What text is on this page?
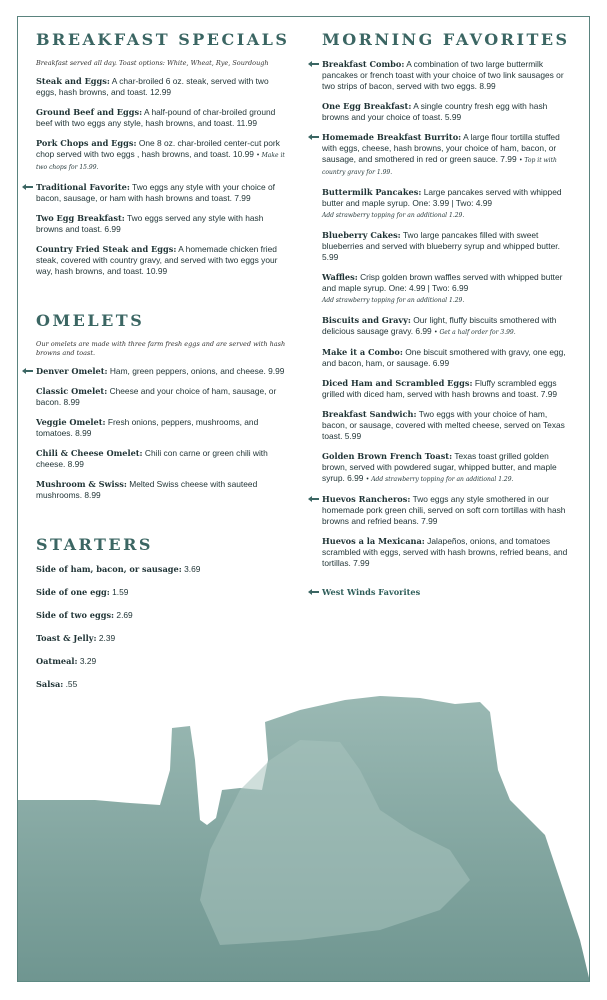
BREAKFAST SPECIALS
Breakfast served all day. Toast options: White, Wheat, Rye, Sourdough
Steak and Eggs: A char-broiled 6 oz. steak, served with two eggs, hash browns, and toast. 12.99
Ground Beef and Eggs: A half-pound of char-broiled ground beef with two eggs any style, hash browns, and toast. 11.99
Pork Chops and Eggs: One 8 oz. char-broiled center-cut pork chop served with two eggs , hash browns, and toast. 10.99 • Make it two chops for 15.99.
Traditional Favorite: Two eggs any style with your choice of bacon, sausage, or ham with hash browns and toast. 7.99
Two Egg Breakfast: Two eggs served any style with hash browns and toast. 6.99
Country Fried Steak and Eggs: A homemade chicken fried steak, covered with country gravy, and served with two eggs your way, hash browns, and toast. 10.99
OMELETS
Our omelets are made with three farm fresh eggs and are served with hash browns and toast.
Denver Omelet: Ham, green peppers, onions, and cheese. 9.99
Classic Omelet: Cheese and your choice of ham, sausage, or bacon. 8.99
Veggie Omelet: Fresh onions, peppers, mushrooms, and tomatoes. 8.99
Chili & Cheese Omelet: Chili con carne or green chili with cheese. 8.99
Mushroom & Swiss: Melted Swiss cheese with sauteed mushrooms. 8.99
STARTERS
Side of ham, bacon, or sausage: 3.69
Side of one egg: 1.59
Side of two eggs: 2.69
Toast & Jelly: 2.39
Oatmeal: 3.29
Salsa: .55
MORNING FAVORITES
Breakfast Combo: A combination of two large buttermilk pancakes or french toast with your choice of two link sausages or two strips of bacon, served with two eggs. 8.99
One Egg Breakfast: A single country fresh egg with hash browns and your choice of toast. 5.99
Homemade Breakfast Burrito: A large flour tortilla stuffed with eggs, cheese, hash browns, your choice of ham, bacon, or sausage, and smothered in red or green sauce. 7.99 • Top it with country gravy for 1.99.
Buttermilk Pancakes: Large pancakes served with whipped butter and maple syrup. One: 3.99 | Two: 4.99
Add strawberry topping for an additional 1.29.
Blueberry Cakes: Two large pancakes filled with sweet blueberries and served with blueberry syrup and whipped butter. 5.99
Waffles: Crisp golden brown waffles served with whipped butter and maple syrup. One: 4.99 | Two: 6.99
Add strawberry topping for an additional 1.29.
Biscuits and Gravy: Our light, fluffy biscuits smothered with delicious sausage gravy. 6.99 • Get a half order for 3.99.
Make it a Combo: One biscuit smothered with gravy, one egg, and bacon, ham, or sausage. 6.99
Diced Ham and Scrambled Eggs: Fluffy scrambled eggs grilled with diced ham, served with hash browns and toast. 7.99
Breakfast Sandwich: Two eggs with your choice of ham, bacon, or sausage, covered with melted cheese, served on Texas toast. 5.99
Golden Brown French Toast: Texas toast grilled golden brown, served with powdered sugar, whipped butter, and maple syrup. 6.99 • Add strawberry topping for an additional 1.29.
Huevos Rancheros: Two eggs any style smothered in our homemade pork green chili, served on soft corn tortillas with hash browns and refried beans. 7.99
Huevos a la Mexicana: Jalapeños, onions, and tomatoes scrambled with eggs, served with hash browns, refried beans, and tortillas. 7.99
West Winds Favorites
